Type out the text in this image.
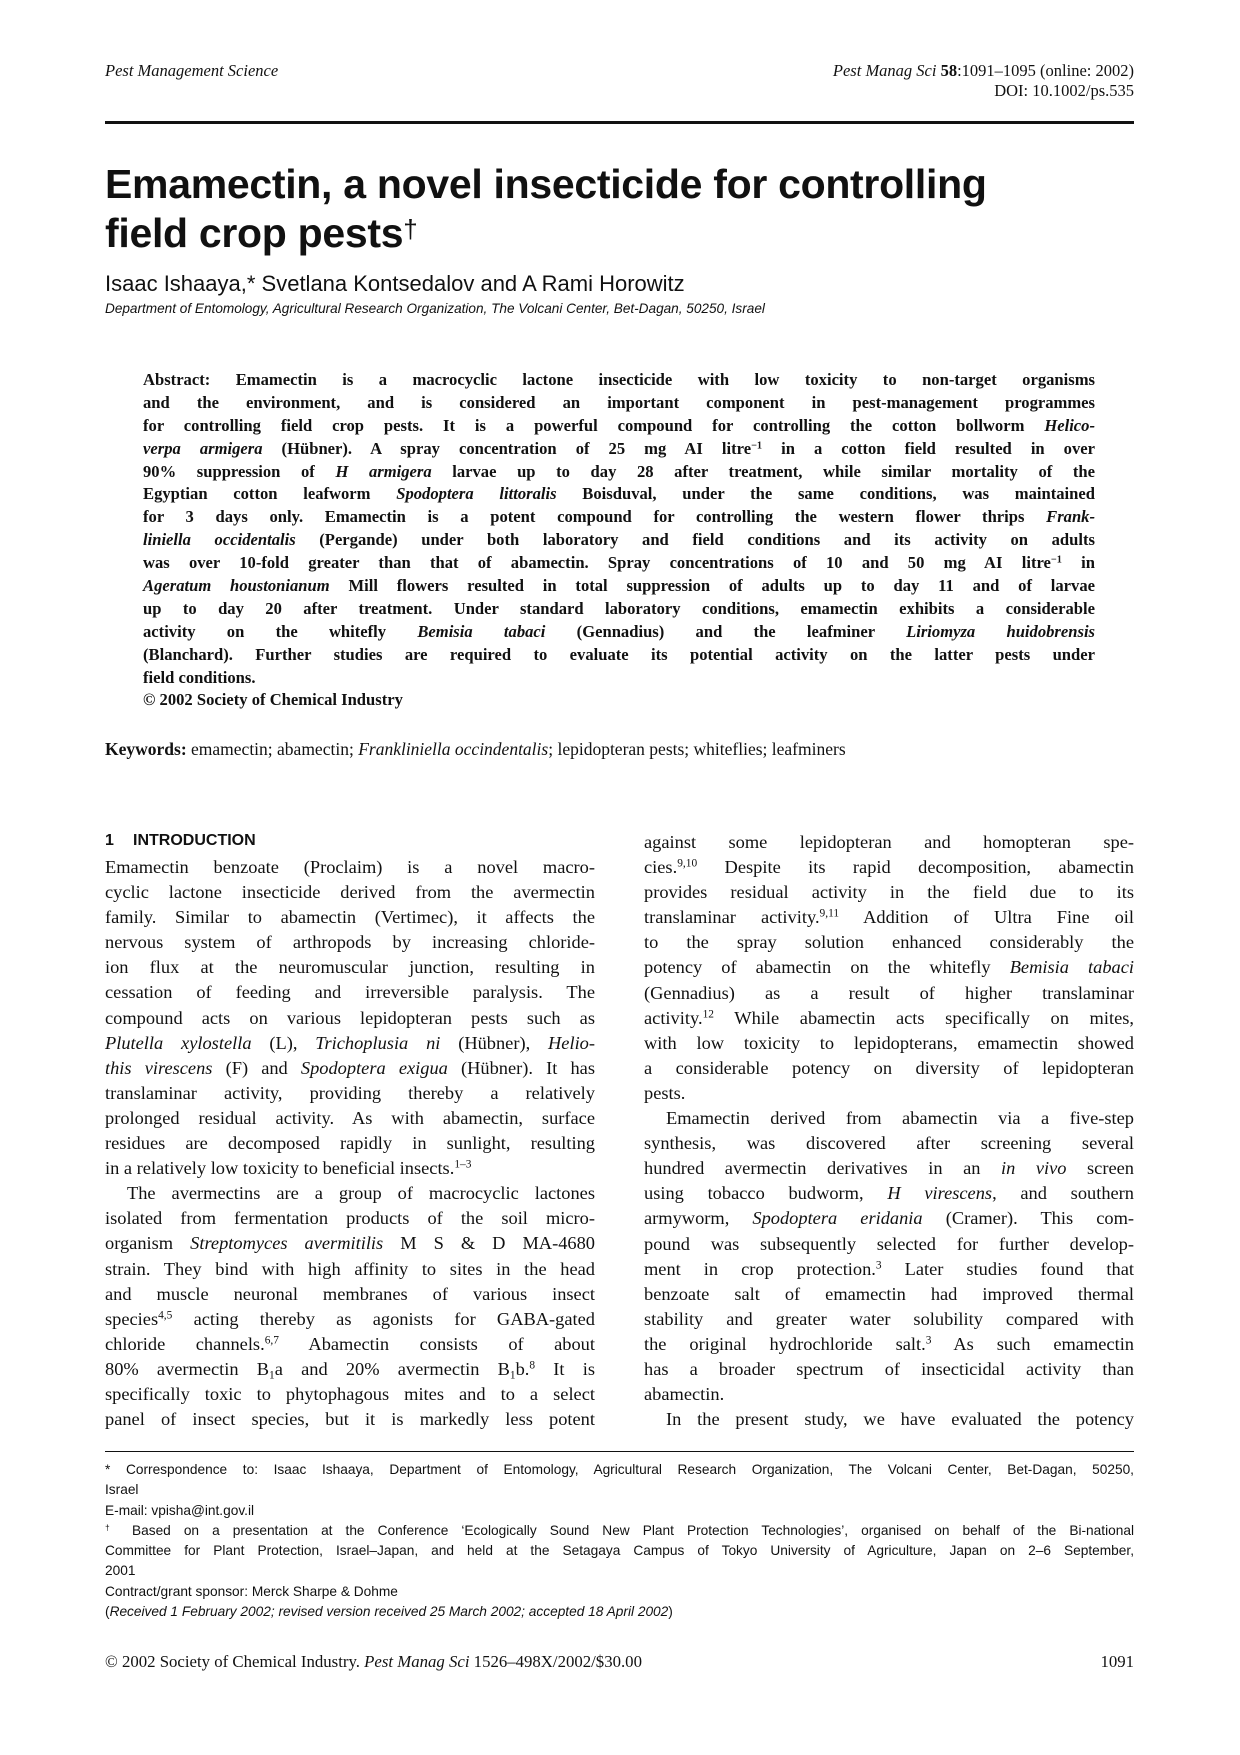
Pest Management Science	Pest Manag Sci 58:1091–1095 (online: 2002)
DOI: 10.1002/ps.535
Emamectin, a novel insecticide for controlling
field crop pests†
Isaac Ishaaya,* Svetlana Kontsedalov and A Rami Horowitz
Department of Entomology, Agricultural Research Organization, The Volcani Center, Bet-Dagan, 50250, Israel
Abstract: Emamectin is a macrocyclic lactone insecticide with low toxicity to non-target organisms
and the environment, and is considered an important component in pest-management programmes
for controlling field crop pests. It is a powerful compound for controlling the cotton bollworm Helico-
verpa armigera (Hübner). A spray concentration of 25 mg AI litre$^{-1}$ in a cotton field resulted in over
90% suppression of H armigera larvae up to day 28 after treatment, while similar mortality of the
Egyptian cotton leafworm Spodoptera littoralis Boisduval, under the same conditions, was maintained
for 3 days only. Emamectin is a potent compound for controlling the western flower thrips Frank-
liniella occidentalis (Pergande) under both laboratory and field conditions and its activity on adults
was over 10-fold greater than that of abamectin. Spray concentrations of 10 and 50 mg AI litre$^{-1}$ in
Ageratum houstonianum Mill flowers resulted in total suppression of adults up to day 11 and of larvae
up to day 20 after treatment. Under standard laboratory conditions, emamectin exhibits a considerable
activity on the whitefly Bemisia tabaci (Gennadius) and the leafminer Liriomyza huidobrensis
(Blanchard). Further studies are required to evaluate its potential activity on the latter pests under
field conditions.
© 2002 Society of Chemical Industry
Keywords: emamectin; abamectin; Frankliniella occindentalis; lepidopteran pests; whiteflies; leafminers
1 INTRODUCTION
Emamectin benzoate (Proclaim) is a novel macro-
cyclic lactone insecticide derived from the avermectin
family. Similar to abamectin (Vertimec), it affects the
nervous system of arthropods by increasing chloride-
ion flux at the neuromuscular junction, resulting in
cessation of feeding and irreversible paralysis. The
compound acts on various lepidopteran pests such as
Plutella xylostella (L), Trichoplusia ni (Hübner), Helio-
this virescens (F) and Spodoptera exigua (Hübner). It has
translaminar activity, providing thereby a relatively
prolonged residual activity. As with abamectin, surface
residues are decomposed rapidly in sunlight, resulting
in a relatively low toxicity to beneficial insects.$^{1-3}$
The avermectins are a group of macrocyclic lactones
isolated from fermentation products of the soil micro-
organism Streptomyces avermitilis M S & D MA-4680
strain. They bind with high affinity to sites in the head
and muscle neuronal membranes of various insect
species$^{4,5}$ acting thereby as agonists for GABA-gated
chloride channels.$^{6,7}$ Abamectin consists of about
80% avermectin $B_1a$ and 20% avermectin $B_1b.^8$ It is
specifically toxic to phytophagous mites and to a select
panel of insect species, but it is markedly less potent
against some lepidopteran and homopteran spe-
cies.$^{9,10}$ Despite its rapid decomposition, abamectin
provides residual activity in the field due to its
translaminar activity.$^{9,11}$ Addition of Ultra Fine oil
to the spray solution enhanced considerably the
potency of abamectin on the whitefly Bemisia tabaci
(Gennadius) as a result of higher translaminar
activity.$^{12}$ While abamectin acts specifically on mites,
with low toxicity to lepidopterans, emamectin showed
a considerable potency on diversity of lepidopteran
pests.
Emamectin derived from abamectin via a five-step
synthesis, was discovered after screening several
hundred avermectin derivatives in an in vivo screen
using tobacco budworm, H virescens, and southern
armyworm, Spodoptera eridania (Cramer). This com-
pound was subsequently selected for further develop-
ment in crop protection.$^3$ Later studies found that
benzoate salt of emamectin had improved thermal
stability and greater water solubility compared with
the original hydrochloride salt.$^3$ As such emamectin
has a broader spectrum of insecticidal activity than
abamectin.
In the present study, we have evaluated the potency
* Correspondence to: Isaac Ishaaya, Department of Entomology, Agricultural Research Organization, The Volcani Center, Bet-Dagan, 50250,
Israel
E-mail: vpisha@int.gov.il
† Based on a presentation at the Conference ‘Ecologically Sound New Plant Protection Technologies’, organised on behalf of the Bi-national
Committee for Plant Protection, Israel–Japan, and held at the Setagaya Campus of Tokyo University of Agriculture, Japan on 2–6 September,
2001
Contract/grant sponsor: Merck Sharpe & Dohme
(Received 1 February 2002; revised version received 25 March 2002; accepted 18 April 2002)
© 2002 Society of Chemical Industry. Pest Manag Sci 1526–498X/2002/$30.00	1091
